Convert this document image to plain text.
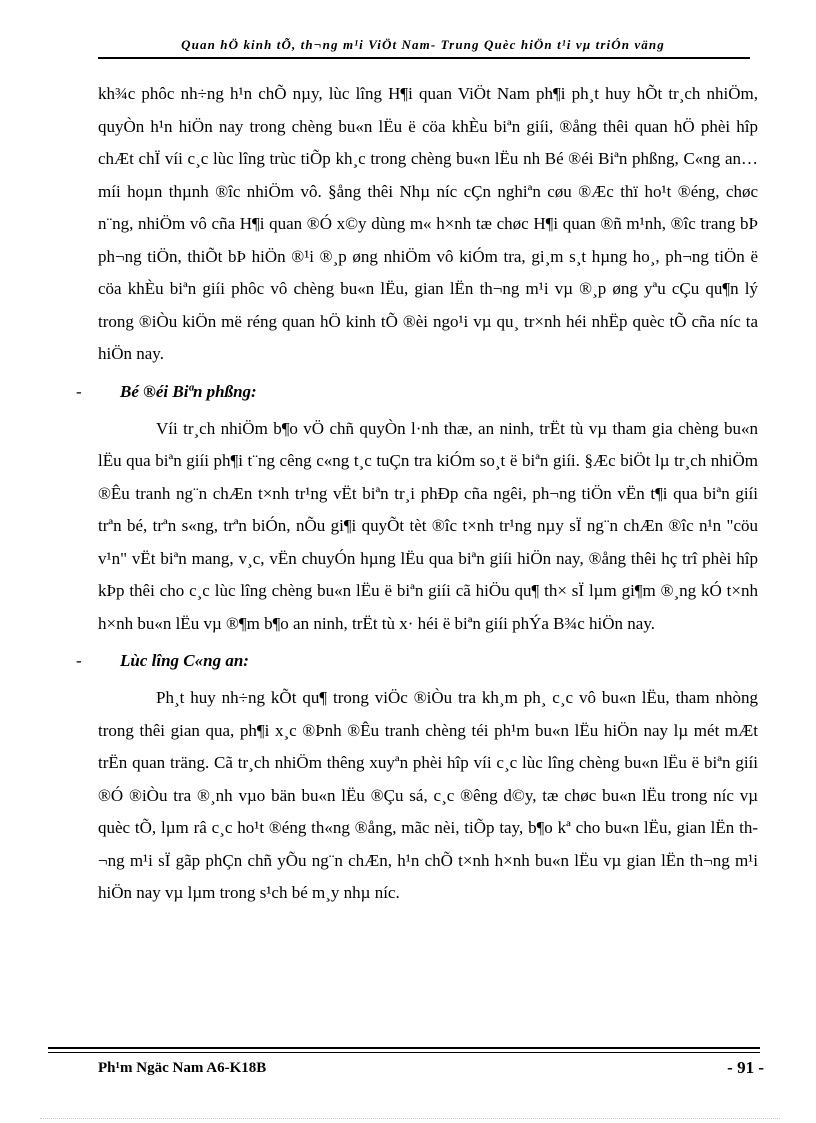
Quan hÖ kinh tÕ, th¬ng m¹i ViÖt Nam- Trung Quèc hiÖn t¹i vµ triÓn väng

kh¾c phôc nh÷ng h¹n chÕ nµy, lùc lîng H¶i quan ViÖt Nam ph¶i ph¸t huy hÕt tr¸ch nhiÖm, quyÒn h¹n hiÖn nay trong chèng bu«n lËu ë cöa khÈu biªn giíi, ®ång thêi quan hÖ phèi hîp chÆt chÏ víi c¸c lùc lîng trùc tiÕp kh¸c trong chèng bu«n lËu nh Bé ®éi Biªn phßng, C«ng an… míi hoµn thµnh ®îc nhiÖm vô. §ång thêi Nhµ níc cÇn nghiªn cøu ®Æc thï ho¹t ®éng, chøc n¨ng, nhiÖm vô cña H¶i quan ®Ó x©y dùng m« h×nh tæ chøc H¶i quan ®ñ m¹nh, ®îc trang bÞ ph¬ng tiÖn, thiÕt bÞ hiÖn ®¹i ®¸p øng nhiÖm vô kiÓm tra, gi¸m s¸t hµng ho¸, ph¬ng tiÖn ë cöa khÈu biªn giíi phôc vô chèng bu«n lËu, gian lËn th¬ng m¹i vµ ®¸p øng yªu cÇu qu¶n lý trong ®iÒu kiÖn më réng quan hÖ kinh tÕ ®èi ngo¹i vµ qu¸ tr×nh héi nhËp quèc tÕ cña níc ta hiÖn nay.

- Bé ®éi Biªn phßng:

Víi tr¸ch nhiÖm b¶o vÖ chñ quyÒn l·nh thæ, an ninh, trËt tù vµ tham gia chèng bu«n lËu qua biªn giíi ph¶i t¨ng cêng c«ng t¸c tuÇn tra kiÓm so¸t ë biªn giíi. §Æc biÖt lµ tr¸ch nhiÖm ®Êu tranh ng¨n chÆn t×nh tr¹ng vËt biªn tr¸i phÐp cña ngêi, ph¬ng tiÖn vËn t¶i qua biªn giíi trªn bé, trªn s«ng, trªn biÓn, nÕu gi¶i quyÕt tèt ®îc t×nh tr¹ng nµy sÏ ng¨n chÆn ®îc n¹n "cöu v¹n" vËt biªn mang, v¸c, vËn chuyÓn hµng lËu qua biªn giíi hiÖn nay, ®ång thêi hç trî phèi hîp kÞp thêi cho c¸c lùc lîng chèng bu«n lËu ë biªn giíi cã hiÖu qu¶ th× sÏ lµm gi¶m ®¸ng kÓ t×nh h×nh bu«n lËu vµ ®¶m b¶o an ninh, trËt tù x· héi ë biªn giíi phÝa B¾c hiÖn nay.

- Lùc lîng C«ng an:

Ph¸t huy nh÷ng kÕt qu¶ trong viÖc ®iÒu tra kh¸m ph¸ c¸c vô bu«n lËu, tham nhòng trong thêi gian qua, ph¶i x¸c ®Þnh ®Êu tranh chèng téi ph¹m bu«n lËu hiÖn nay lµ mét mÆt trËn quan träng. Cã tr¸ch nhiÖm thêng xuyªn phèi hîp víi c¸c lùc lîng chèng bu«n lËu ë biªn giíi ®Ó ®iÒu tra ®¸nh vµo bän bu«n lËu ®Çu sá, c¸c ®êng d©y, tæ chøc bu«n lËu trong níc vµ quèc tÕ, lµm râ c¸c ho¹t ®éng th«ng ®ång, mãc nèi, tiÕp tay, b¶o kª cho bu«n lËu, gian lËn th¬ng m¹i sÏ gãp phÇn chñ yÕu ng¨n chÆn, h¹n chÕ t×nh h×nh bu«n lËu vµ gian lËn th¬ng m¹i hiÖn nay vµ lµm trong s¹ch bé m¸y nhµ níc.

Ph¹m Ngäc Nam A6-K18B	- 91 -
